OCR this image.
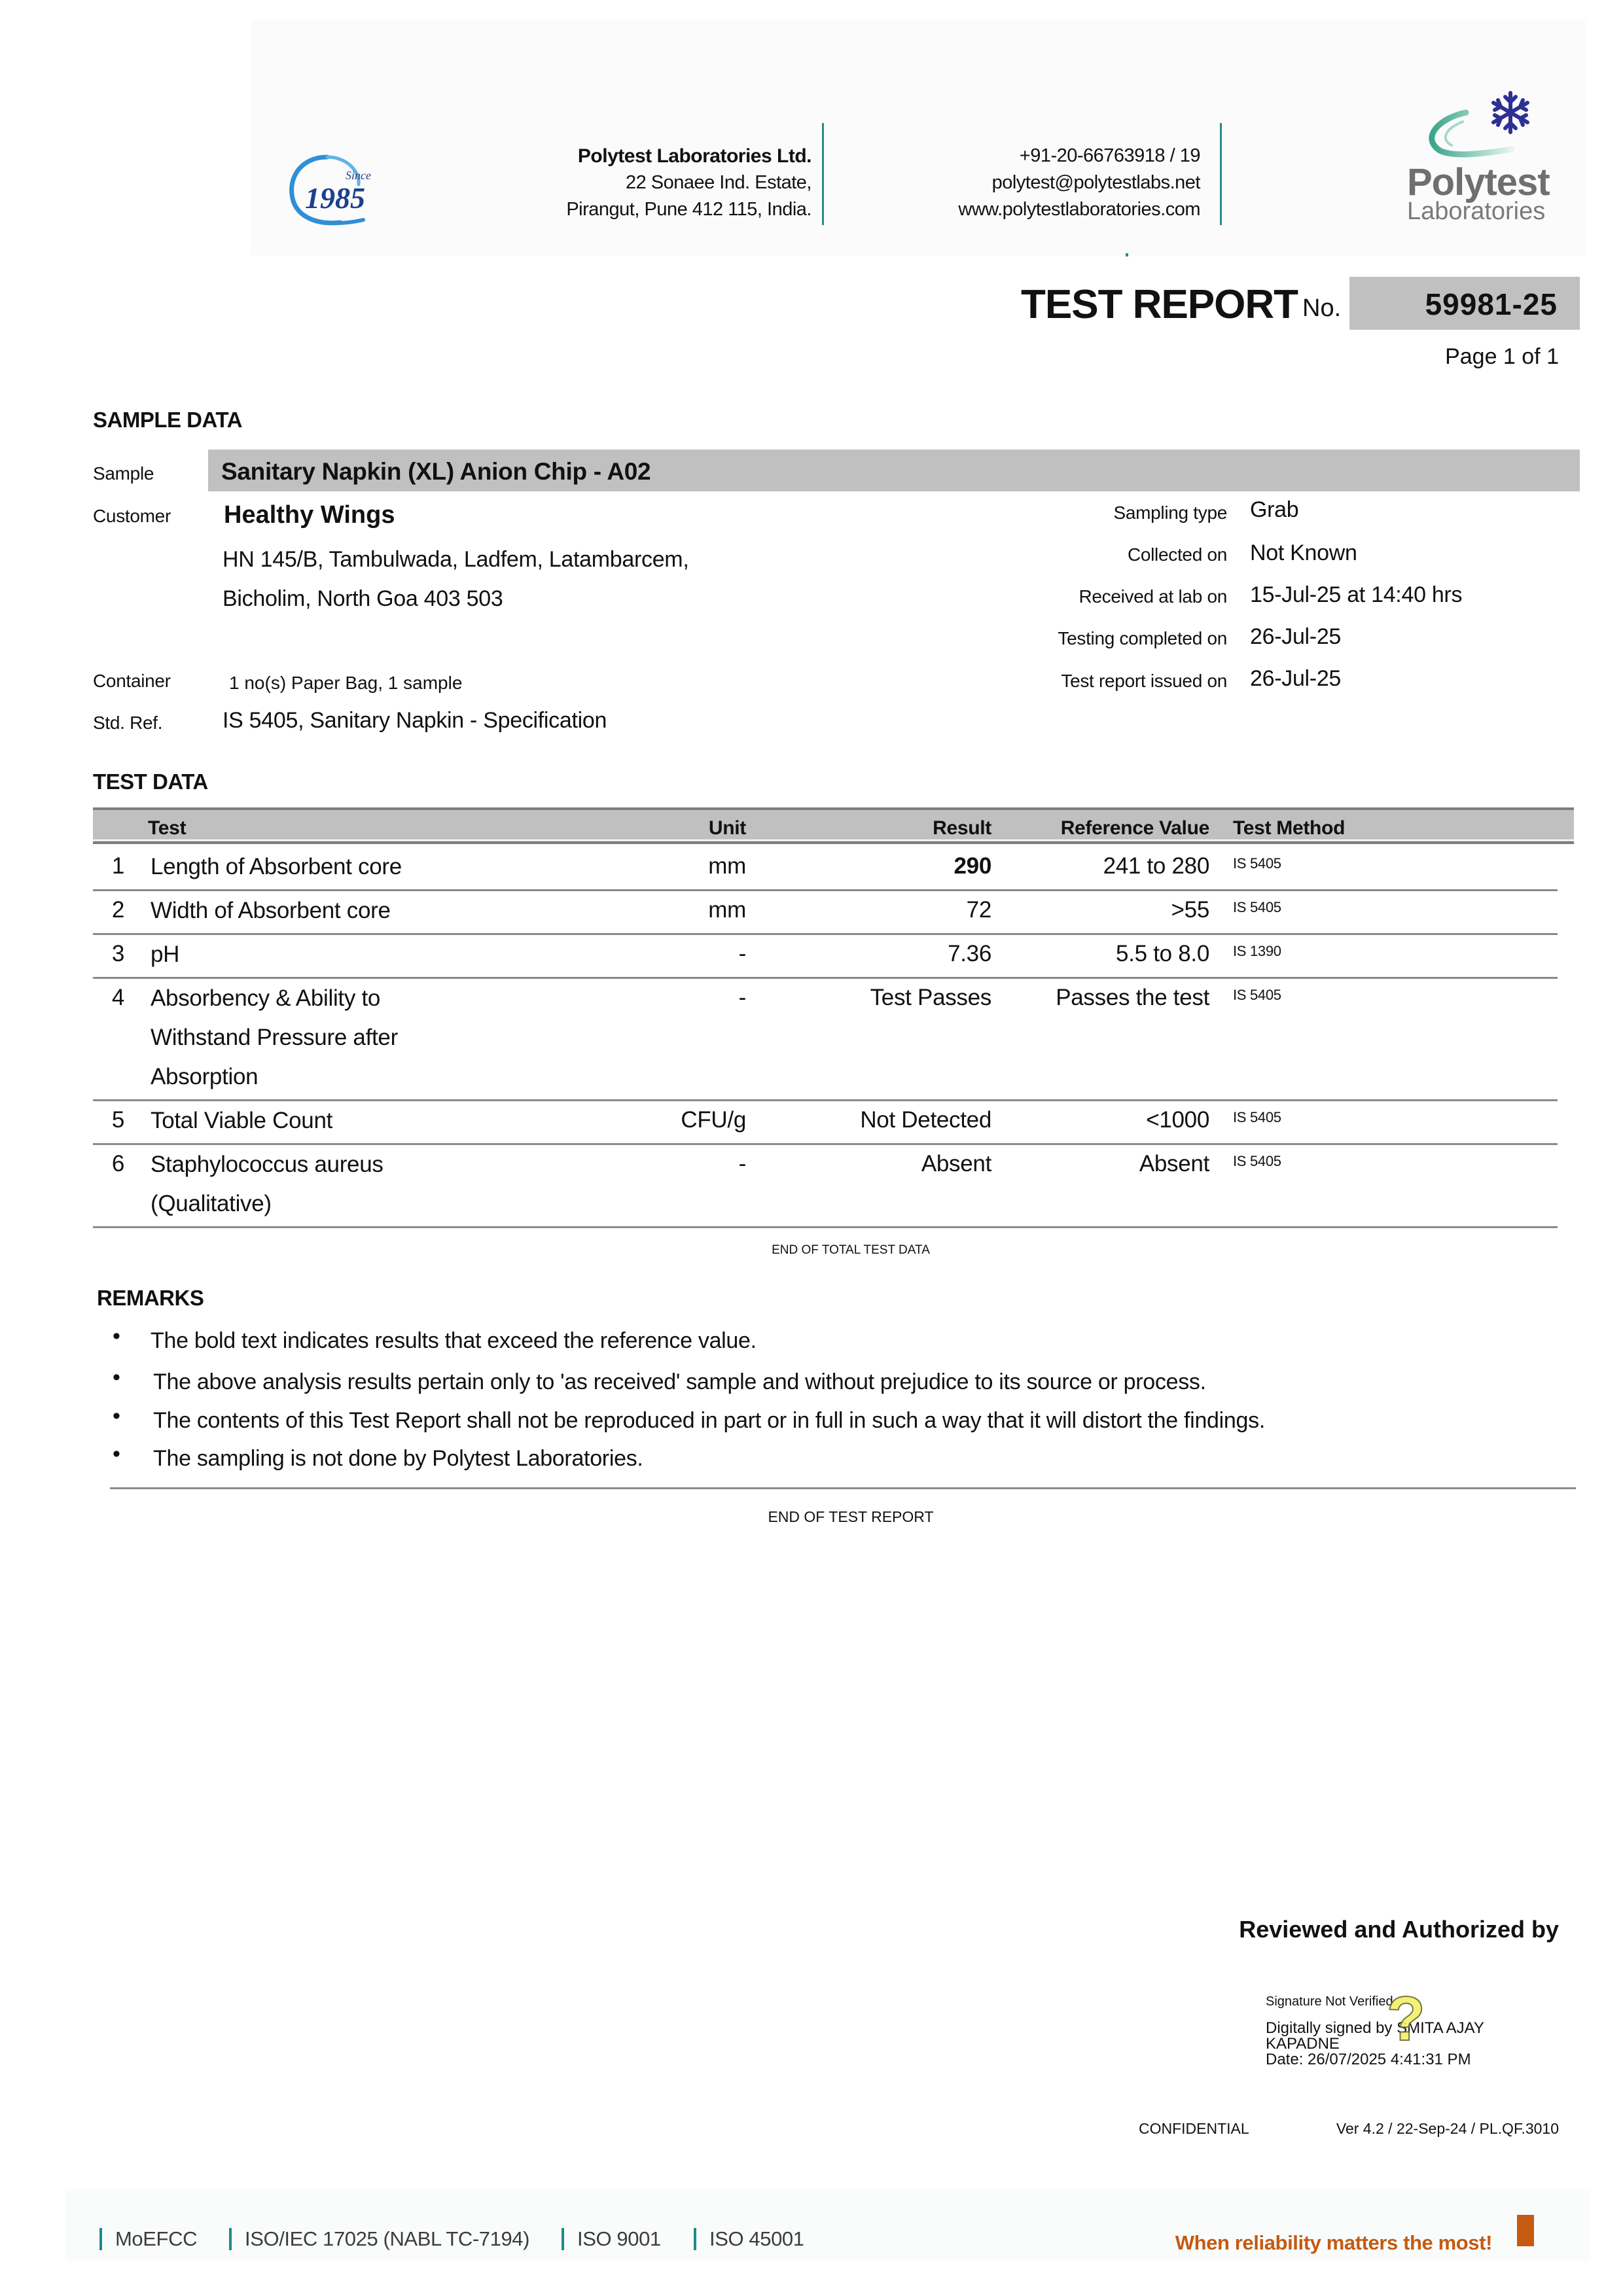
Since
1985
Polytest Laboratories Ltd.
22 Sonaee Ind. Estate,
Pirangut, Pune 412 115, India.
+91-20-66763918 / 19
polytest@polytestlabs.net
www.polytestlaboratories.com
Polytest
Laboratories
TEST REPORT No.	59981-25
Page 1 of 1
SAMPLE DATA
Sample	Sanitary Napkin (XL) Anion Chip - A02
Customer Healthy Wings
HN 145/B, Tambulwada, Ladfem, Latambarcem,
Bicholim, North Goa 403 503
Container	1 no(s) Paper Bag, 1 sample
Std. Ref.	IS 5405, Sanitary Napkin - Specification
Sampling type Grab
Collected on Not Known
Received at lab on 15-Jul-25 at 14:40 hrs
Testing completed on 26-Jul-25
Test report issued on 26-Jul-25
TEST DATA
Test	Unit	Result	Reference Value Test Method
1 Length of Absorbent core	mm	290	241 to 280 IS 5405
2 Width of Absorbent core	mm	72	>55 IS 5405
3 pH	-	7.36	5.5 to 8.0 IS 1390
4 Absorbency & Ability to
Withstand Pressure after
Absorption
-	Test Passes	Passes the test IS 5405
5 Total Viable Count	CFU/g	Not Detected	<1000 IS 5405
6 Staphylococcus aureus
(Qualitative)
-	Absent	Absent IS 5405
END OF TOTAL TEST DATA
REMARKS
• The bold text indicates results that exceed the reference value.
• The above analysis results pertain only to 'as received' sample and without prejudice to its source or process.
• The contents of this Test Report shall not be reproduced in part or in full in such a way that it will distort the findings.
• The sampling is not done by Polytest Laboratories.
END OF TEST REPORT
Reviewed and Authorized by
Signature Not Verified
Digitally signed by SMITA AJAY
KAPADNE
Date: 26/07/2025 4:41:31 PM
?
CONFIDENTIAL	Ver 4.2 / 22-Sep-24 / PL.QF.3010
MoEFCC	ISO/IEC 17025 (NABL TC-7194)	ISO 9001	ISO 45001	When reliability matters the most!
